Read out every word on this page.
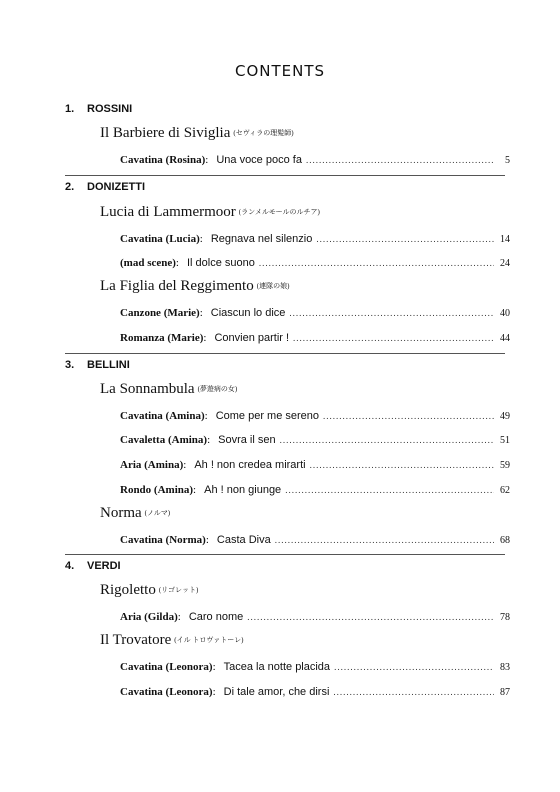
CONTENTS
1. ROSSINI
Il Barbiere di Siviglia (セヴィラの理髪師)
Cavatina (Rosina) : Una voce poco fa .....	5
2. DONIZETTI
Lucia di Lammermoor (ランメルモールのルチア)
Cavatina (Lucia) : Regnava nel silenzio .....	14
(mad scene) : Il dolce suono .....	24
La Figlia del Reggimento (連隊の娘)
Canzone (Marie) : Ciascun lo dice .....	40
Romanza (Marie) : Convien partir ! .....	44
3. BELLINI
La Sonnambula (夢遊病の女)
Cavatina (Amina) : Come per me sereno .....	49
Cavaletta (Amina) : Sovra il sen .....	51
Aria (Amina) : Ah ! non credea mirarti .....	59
Rondo (Amina) : Ah ! non giunge .....	62
Norma (ノルマ)
Cavatina (Norma) : Casta Diva .....	68
4. VERDI
Rigoletto (リゴレット)
Aria (Gilda) : Caro nome .....	78
Il Trovatore (イル トロヴァトーレ)
Cavatina (Leonora) : Tacea la notte placida .....	83
Cavatina (Leonora) : Di tale amor, che dirsi .....	87
